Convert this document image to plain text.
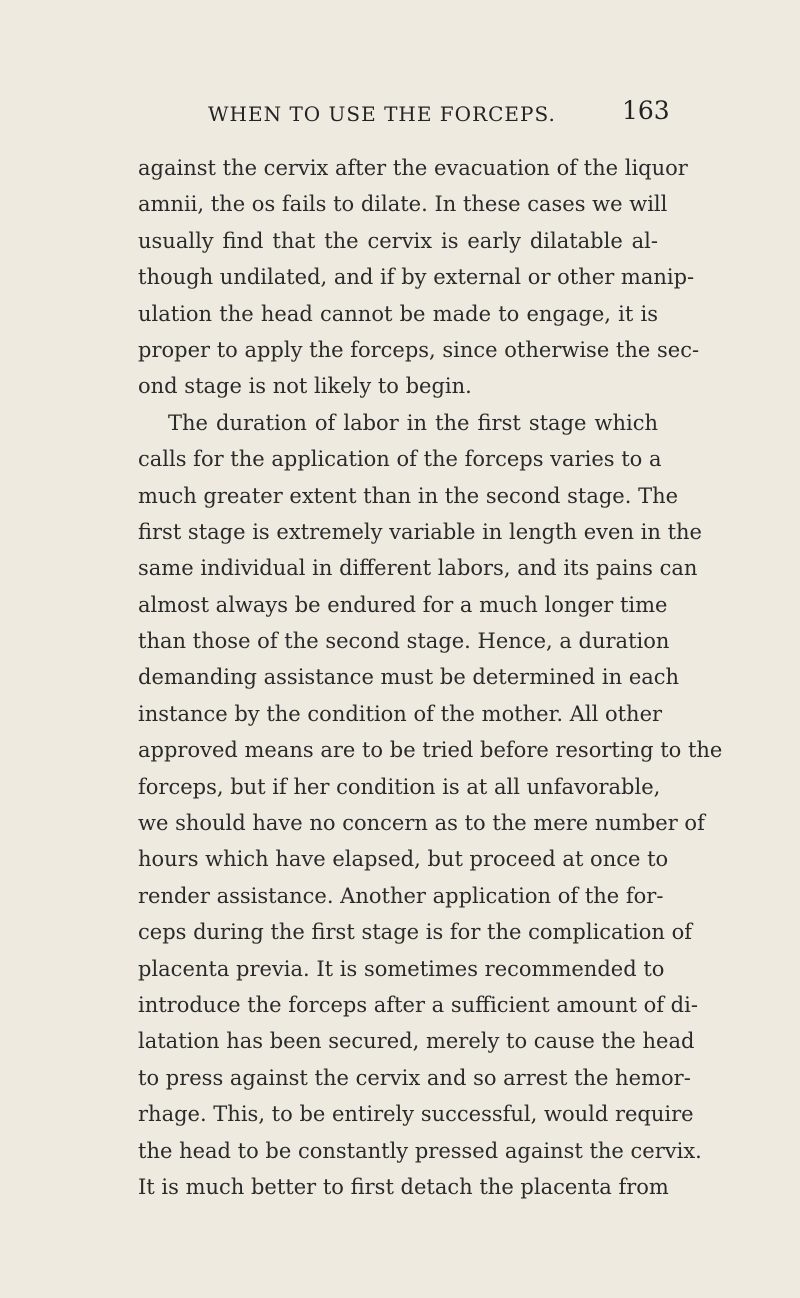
WHEN TO USE THE FORCEPS.	163
against the cervix after the evacuation of the liquor
amnii, the os fails to dilate. In these cases we will
usually find that the cervix is early dilatable al-
though undilated, and if by external or other manip-
ulation the head cannot be made to engage, it is
proper to apply the forceps, since otherwise the sec-
ond stage is not likely to begin.
The duration of labor in the first stage which
calls for the application of the forceps varies to a
much greater extent than in the second stage. The
first stage is extremely variable in length even in the
same individual in different labors, and its pains can
almost always be endured for a much longer time
than those of the second stage. Hence, a duration
demanding assistance must be determined in each
instance by the condition of the mother. All other
approved means are to be tried before resorting to the
forceps, but if her condition is at all unfavorable,
we should have no concern as to the mere number of
hours which have elapsed, but proceed at once to
render assistance. Another application of the for-
ceps during the first stage is for the complication of
placenta previa. It is sometimes recommended to
introduce the forceps after a sufficient amount of di-
latation has been secured, merely to cause the head
to press against the cervix and so arrest the hemor-
rhage. This, to be entirely successful, would require
the head to be constantly pressed against the cervix.
It is much better to first detach the placenta from
